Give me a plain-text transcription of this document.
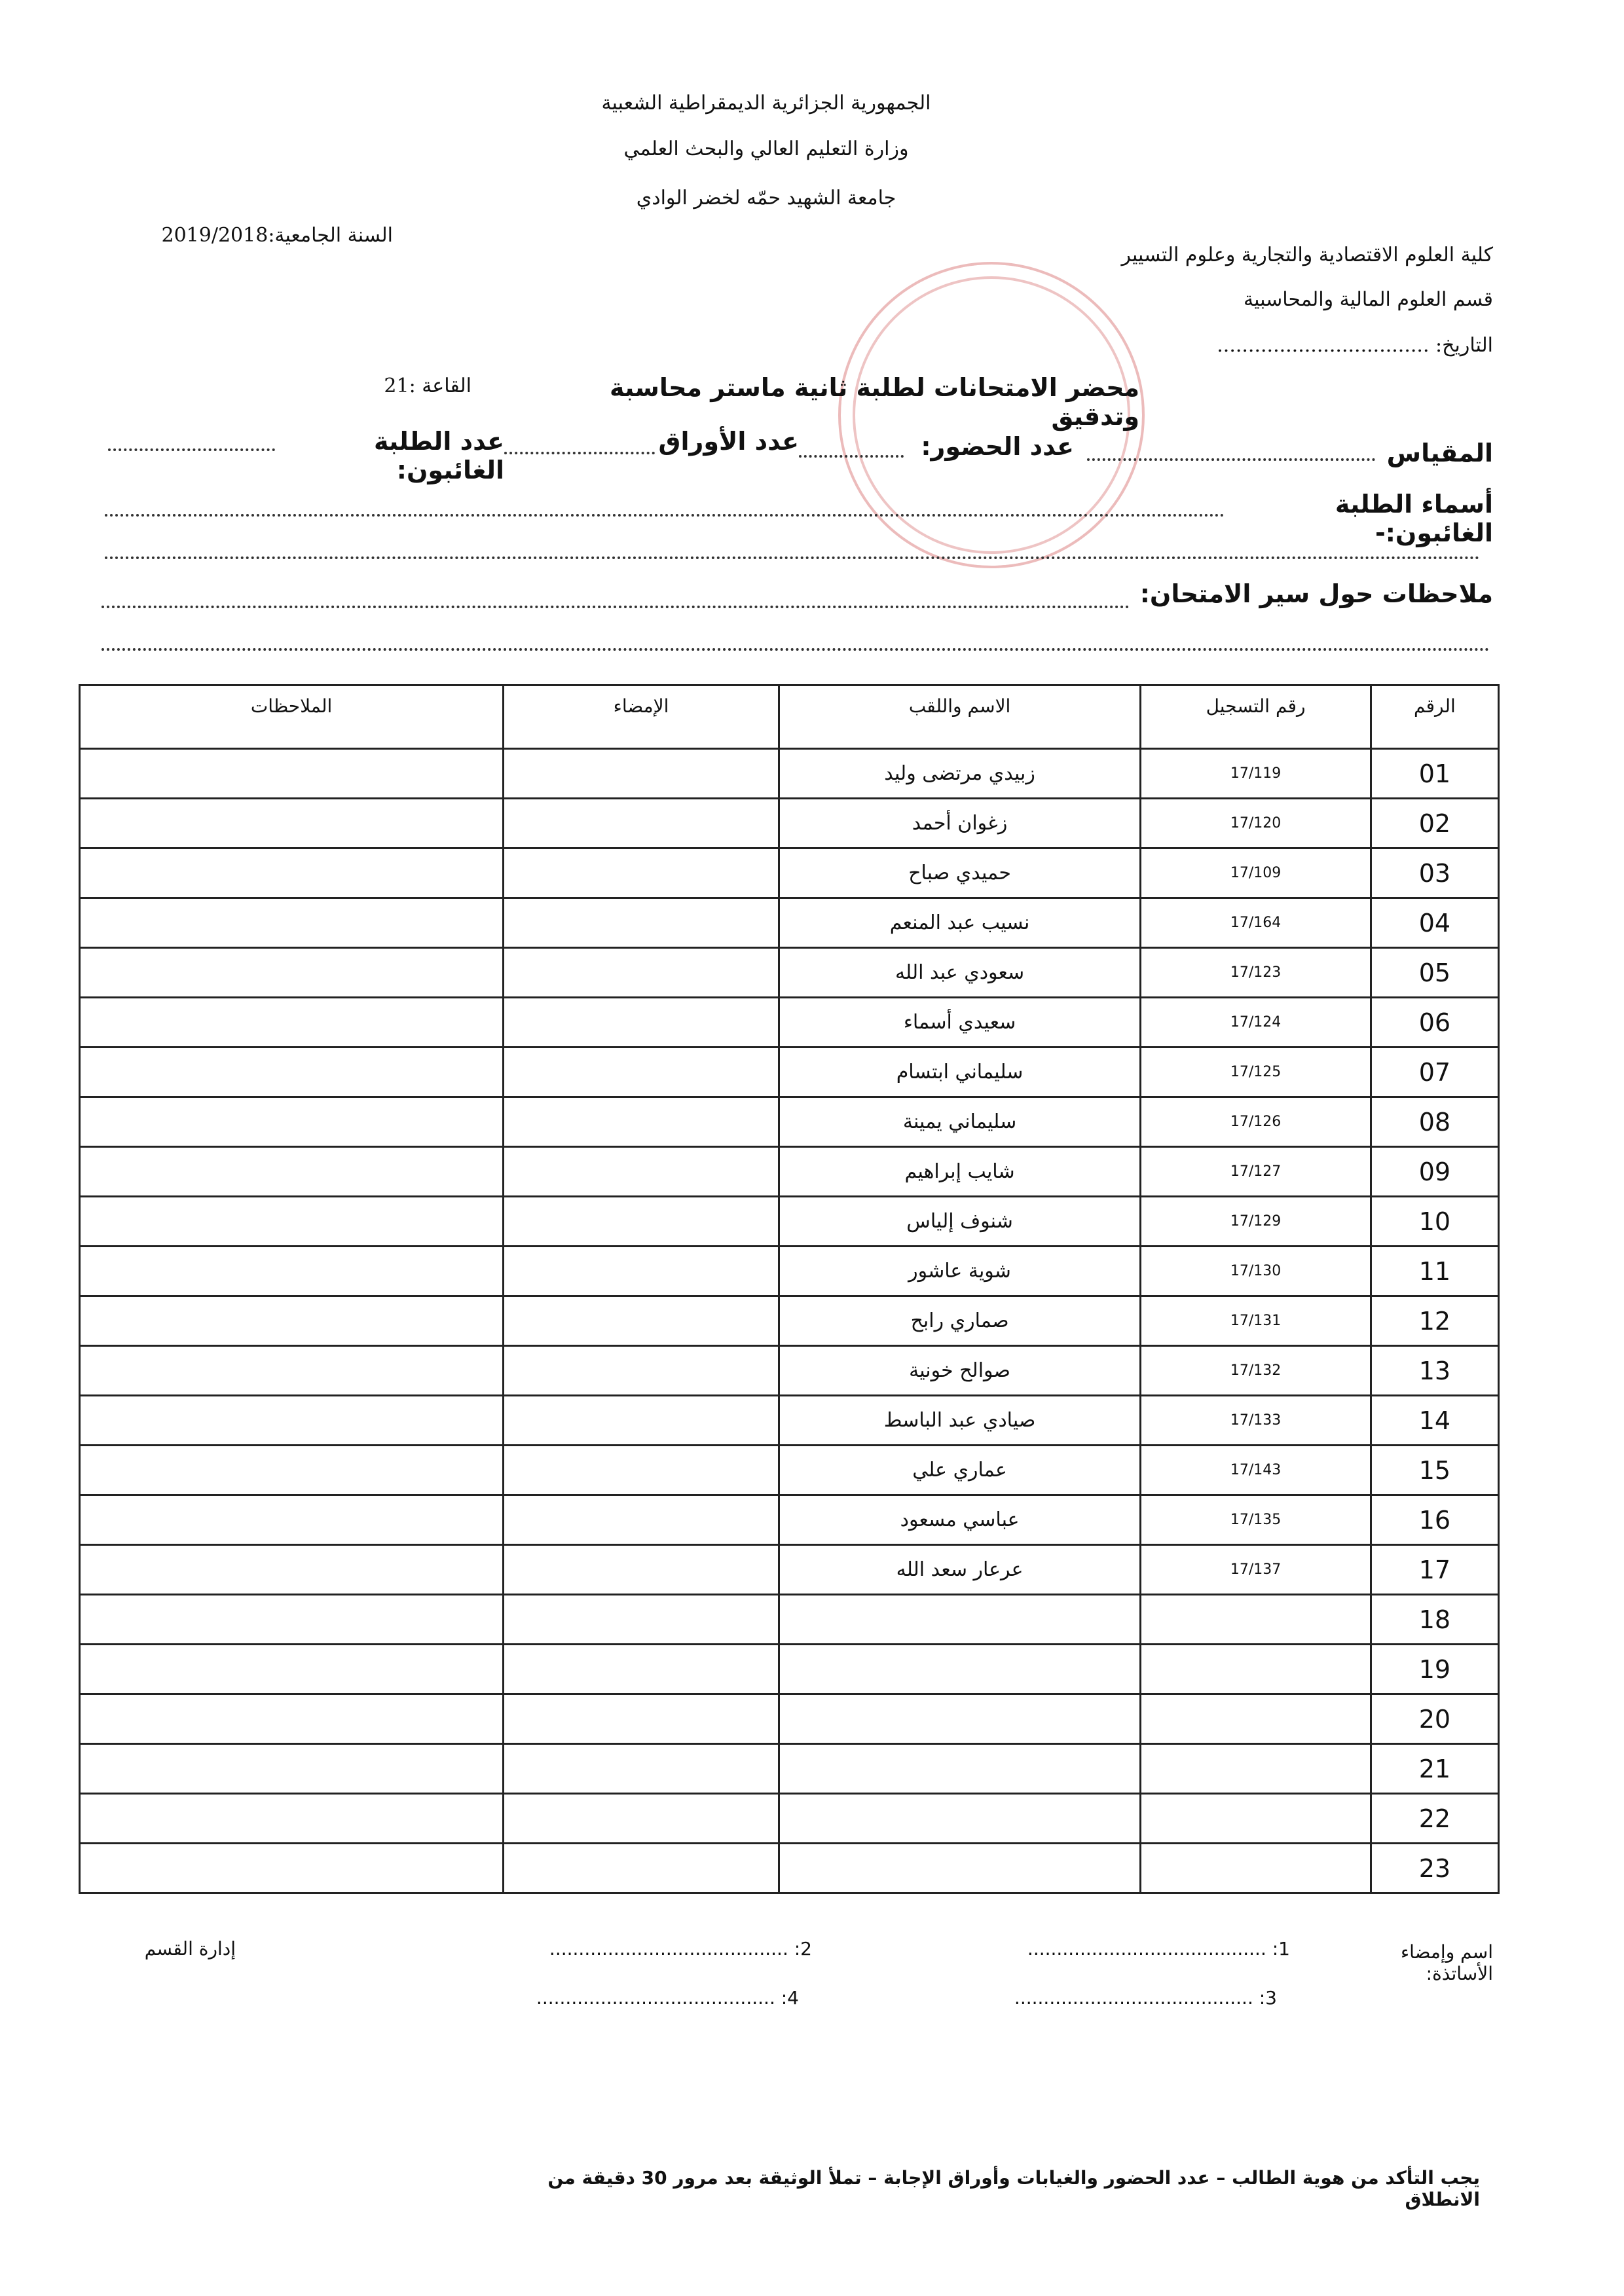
الجمهورية الجزائرية الديمقراطية الشعبية
وزارة التعليم العالي والبحث العلمي
جامعة الشهيد حمّه لخضر الوادي
السنة الجامعية:2019/2018
كلية العلوم الاقتصادية والتجارية وعلوم التسيير
قسم العلوم المالية والمحاسبية
التاريخ: ..................................
محضر الامتحانات لطلبة ثانية ماستر محاسبة وتدقيق
القاعة :21
المقياس
عدد الحضور:
عدد الأوراق
عدد الطلبة الغائبون:
أسماء الطلبة الغائبون:-
ملاحظات حول سير الامتحان:
الرقم	رقم التسجيل	الاسم واللقب	الإمضاء	الملاحظات
01	17/119	زبيدي مرتضى وليد		
02	17/120	زغوان أحمد		
03	17/109	حميدي صباح		
04	17/164	نسيب عبد المنعم		
05	17/123	سعودي عبد الله		
06	17/124	سعيدي أسماء		
07	17/125	سليماني ابتسام		
08	17/126	سليماني يمينة		
09	17/127	شايب إبراهيم		
10	17/129	شنوف إلياس		
11	17/130	شوية عاشور		
12	17/131	صماري رابح		
13	17/132	صوالح خونية		
14	17/133	صيادي عبد الباسط		
15	17/143	عماري علي		
16	17/135	عباسي مسعود		
17	17/137	عرعار سعد الله		
18				
19				
20				
21				
22				
23				
اسم وإمضاء الأساتذة:
1: .........................................
2: .........................................
إدارة القسم
3: .........................................
4: .........................................
يجب التأكد من هوية الطالب – عدد الحضور والغيابات وأوراق الإجابة – تملأ الوثيقة بعد مرور 30 دقيقة من الانطلاق
